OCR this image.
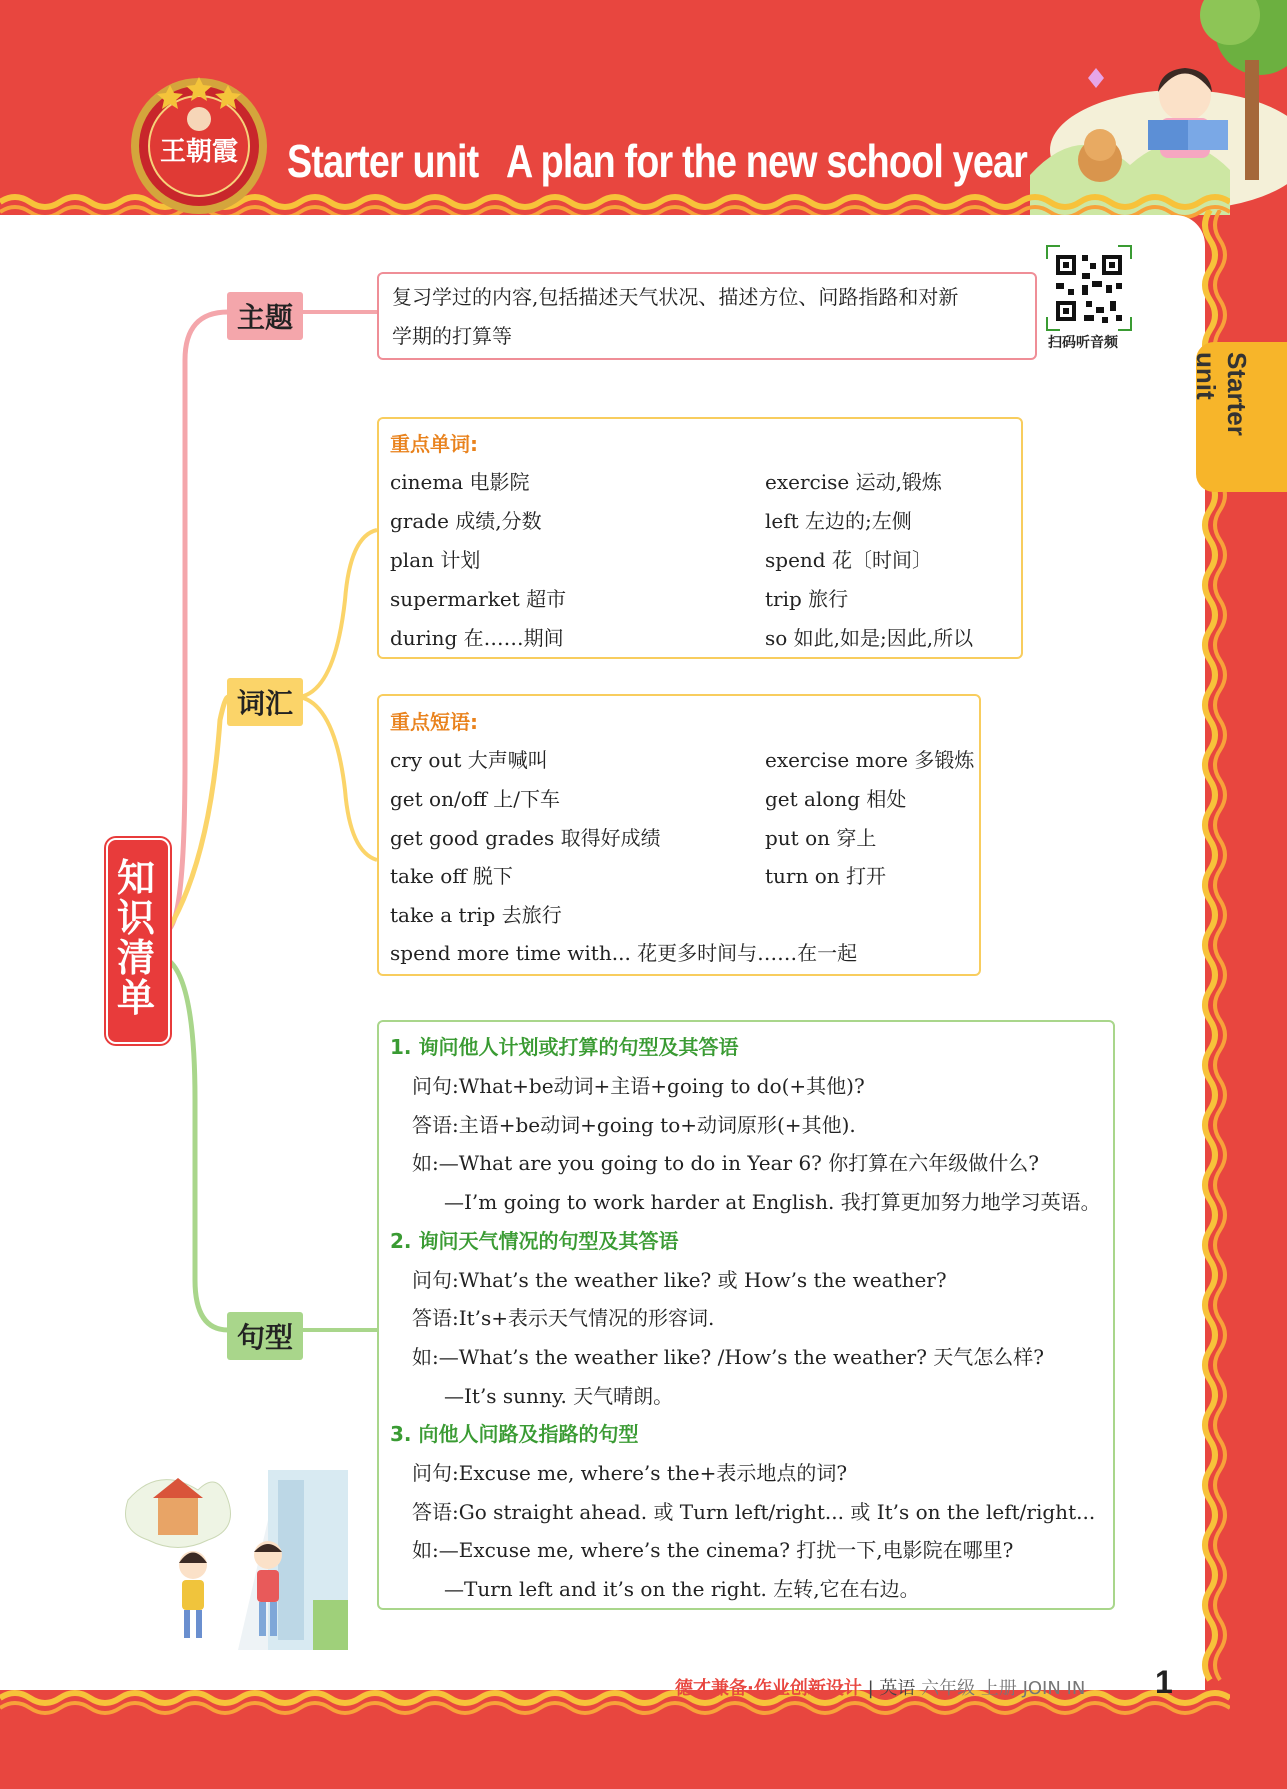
王朝霞 Starter unit   A plan for the new school year
Starter unit
知识清单
主题
词汇
句型
复习学过的内容,包括描述天气状况、描述方位、问路指路和对新
学期的打算等	扫码听音频
重点单词:
cinema 电影院	exercise 运动,锻炼
grade 成绩,分数	left 左边的;左侧
plan 计划	spend 花〔时间〕
supermarket 超市	trip 旅行
during 在……期间	so 如此,如是;因此,所以
重点短语:
cry out 大声喊叫	exercise more 多锻炼
get on/off 上/下车	get along 相处
get good grades 取得好成绩	put on 穿上
take off 脱下	turn on 打开
take a trip 去旅行
spend more time with... 花更多时间与……在一起
1. 询问他人计划或打算的句型及其答语
问句:What+be动词+主语+going to do(+其他)?
答语:主语+be动词+going to+动词原形(+其他).
如:—What are you going to do in Year 6? 你打算在六年级做什么?
—I’m going to work harder at English. 我打算更加努力地学习英语。
2. 询问天气情况的句型及其答语
问句:What’s the weather like? 或 How’s the weather?
答语:It’s+表示天气情况的形容词.
如:—What’s the weather like? /How’s the weather? 天气怎么样?
—It’s sunny. 天气晴朗。
3. 向他人问路及指路的句型
问句:Excuse me, where’s the+表示地点的词?
答语:Go straight ahead. 或 Turn left/right... 或 It’s on the left/right...
如:—Excuse me, where’s the cinema? 打扰一下,电影院在哪里?
—Turn left and it’s on the right. 左转,它在右边。
德才兼备·作业创新设计 | 英语 六年级 上册 JOIN IN 1
